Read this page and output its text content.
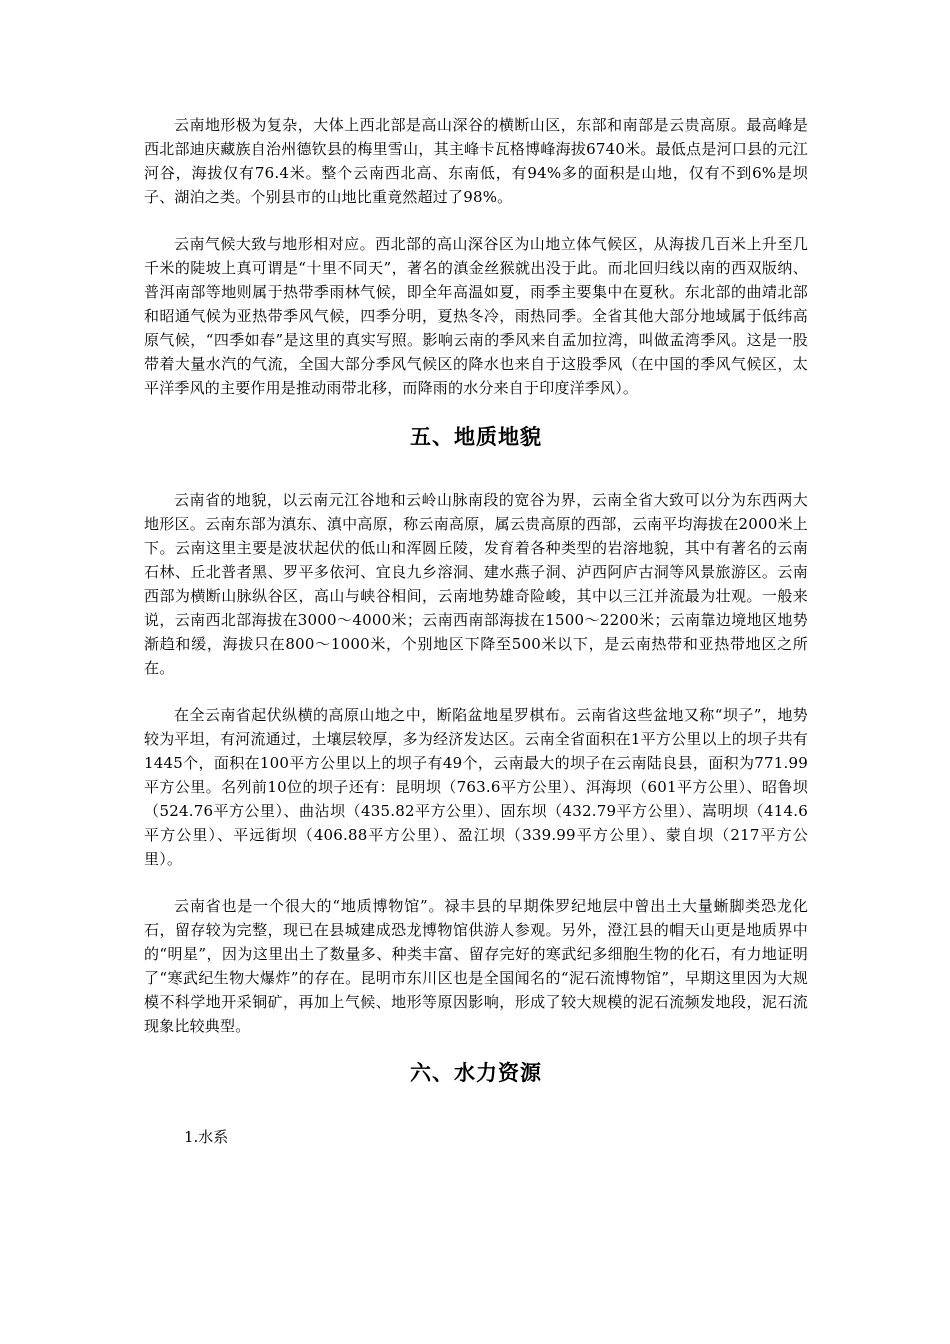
云南地形极为复杂，大体上西北部是高山深谷的横断山区，东部和南部是云贵高原。最高峰是西北部迪庆藏族自治州德钦县的梅里雪山，其主峰卡瓦格博峰海拔6740米。最低点是河口县的元江河谷，海拔仅有76.4米。整个云南西北高、东南低，有94%多的面积是山地，仅有不到6%是坝子、湖泊之类。个别县市的山地比重竟然超过了98%。

云南气候大致与地形相对应。西北部的高山深谷区为山地立体气候区，从海拔几百米上升至几千米的陡坡上真可谓是“十里不同天”，著名的滇金丝猴就出没于此。而北回归线以南的西双版纳、普洱南部等地则属于热带季雨林气候，即全年高温如夏，雨季主要集中在夏秋。东北部的曲靖北部和昭通气候为亚热带季风气候，四季分明，夏热冬冷，雨热同季。全省其他大部分地域属于低纬高原气候，“四季如春”是这里的真实写照。影响云南的季风来自孟加拉湾，叫做孟湾季风。这是一股带着大量水汽的气流，全国大部分季风气候区的降水也来自于这股季风（在中国的季风气候区，太平洋季风的主要作用是推动雨带北移，而降雨的水分来自于印度洋季风）。

五、地质地貌

云南省的地貌，以云南元江谷地和云岭山脉南段的宽谷为界，云南全省大致可以分为东西两大地形区。云南东部为滇东、滇中高原，称云南高原，属云贵高原的西部，云南平均海拔在2000米上下。云南这里主要是波状起伏的低山和浑圆丘陵，发育着各种类型的岩溶地貌，其中有著名的云南石林、丘北普者黑、罗平多依河、宜良九乡溶洞、建水燕子洞、泸西阿庐古洞等风景旅游区。云南西部为横断山脉纵谷区，高山与峡谷相间，云南地势雄奇险峻，其中以三江并流最为壮观。一般来说，云南西北部海拔在3000～4000米；云南西南部海拔在1500～2200米；云南靠边境地区地势渐趋和缓，海拔只在800～1000米，个别地区下降至500米以下，是云南热带和亚热带地区之所在。

在全云南省起伏纵横的高原山地之中，断陷盆地星罗棋布。云南省这些盆地又称“坝子”，地势较为平坦，有河流通过，土壤层较厚，多为经济发达区。云南全省面积在1平方公里以上的坝子共有1445个，面积在100平方公里以上的坝子有49个，云南最大的坝子在云南陆良县，面积为771.99平方公里。名列前10位的坝子还有：昆明坝（763.6平方公里）、洱海坝（601平方公里）、昭鲁坝（524.76平方公里）、曲沾坝（435.82平方公里）、固东坝（432.79平方公里）、嵩明坝（414.6平方公里）、平远街坝（406.88平方公里）、盈江坝（339.99平方公里）、蒙自坝（217平方公里）。

云南省也是一个很大的“地质博物馆”。禄丰县的早期侏罗纪地层中曾出土大量蜥脚类恐龙化石，留存较为完整，现已在县城建成恐龙博物馆供游人参观。另外，澄江县的帽天山更是地质界中的“明星”，因为这里出土了数量多、种类丰富、留存完好的寒武纪多细胞生物的化石，有力地证明了“寒武纪生物大爆炸”的存在。昆明市东川区也是全国闻名的“泥石流博物馆”，早期这里因为大规模不科学地开采铜矿，再加上气候、地形等原因影响，形成了较大规模的泥石流频发地段，泥石流现象比较典型。

六、水力资源

1.水系
